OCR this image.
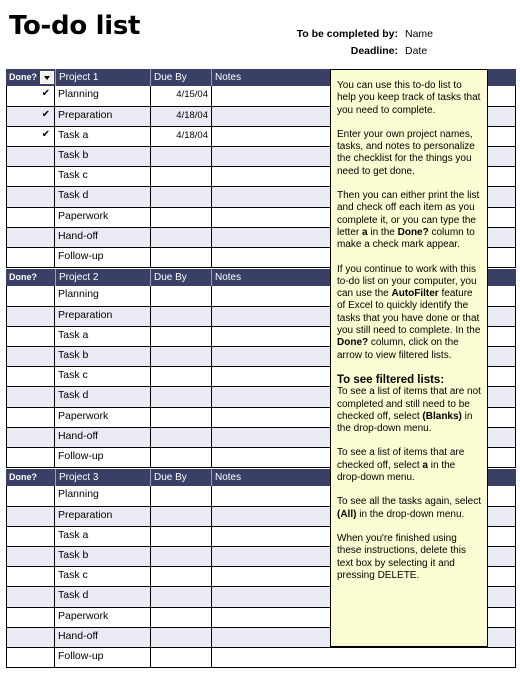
To-do list	To be completed by: Name
Deadline: Date
Done? Project 1	Due By	Notes
✔ Planning	4/15/04
✔ Preparation	4/18/04
✔ Task a	4/18/04
Task b
Task c
Task d
Paperwork
Hand-off
Follow-up
Done? Project 2	Due By	Notes
Planning
Preparation
Task a
Task b
Task c
Task d
Paperwork
Hand-off
Follow-up
Done? Project 3	Due By	Notes
Planning
Preparation
Task a
Task b
Task c
Task d
Paperwork
Hand-off
Follow-up

You can use this to-do list to help you keep track of tasks that you need to complete.

Enter your own project names, tasks, and notes to personalize the checklist for the things you need to get done.

Then you can either print the list and check off each item as you complete it, or you can type the letter a in the Done? column to make a check mark appear.

If you continue to work with this to-do list on your computer, you can use the AutoFilter feature of Excel to quickly identify the tasks that you have done or that you still need to complete. In the Done? column, click on the arrow to view filtered lists.

To see filtered lists:

To see a list of items that are not completed and still need to be checked off, select (Blanks) in the drop-down menu.

To see a list of items that are checked off, select a in the drop-down menu.

To see all the tasks again, select (All) in the drop-down menu.

When you're finished using these instructions, delete this text box by selecting it and pressing DELETE.
